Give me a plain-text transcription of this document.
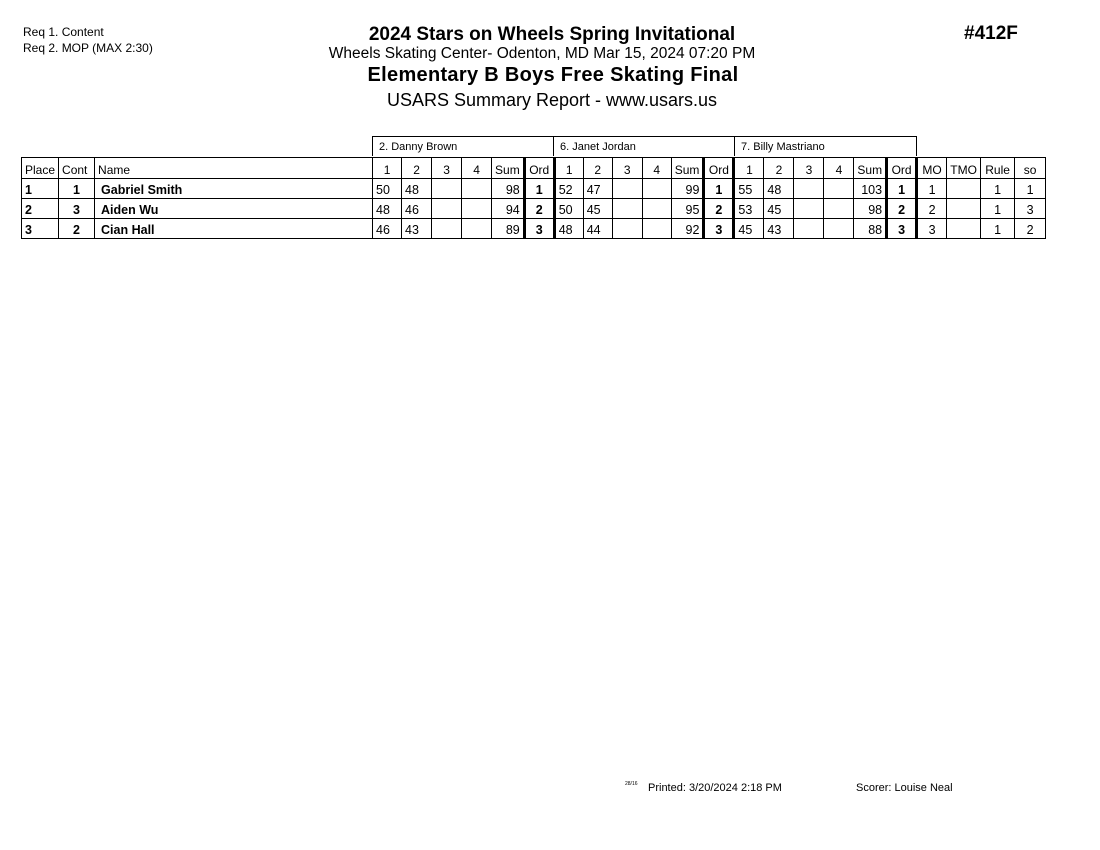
Req 1. Content
Req 2. MOP (MAX 2:30)
2024 Stars on Wheels Spring Invitational
Wheels Skating Center- Odenton, MD Mar 15, 2024 07:20 PM
Elementary B Boys Free Skating Final
USARS Summary Report - www.usars.us
#412F
2. Danny Brown	6. Janet Jordan	7. Billy Mastriano
Place	Cont	Name	1	2	3	4	Sum	Ord	1	2	3	4	Sum	Ord	1	2	3	4	Sum	Ord	MO	TMO	Rule	so
1	1	Gabriel Smith	50	48			98	1	52	47			99	1	55	48			103	1	1		1	1
2	3	Aiden Wu	48	46			94	2	50	45			95	2	53	45			98	2	2		1	3
3	2	Cian Hall	46	43			89	3	48	44			92	3	45	43			88	3	3		1	2
28/16 Printed: 3/20/2024 2:18 PM	Scorer: Louise Neal
